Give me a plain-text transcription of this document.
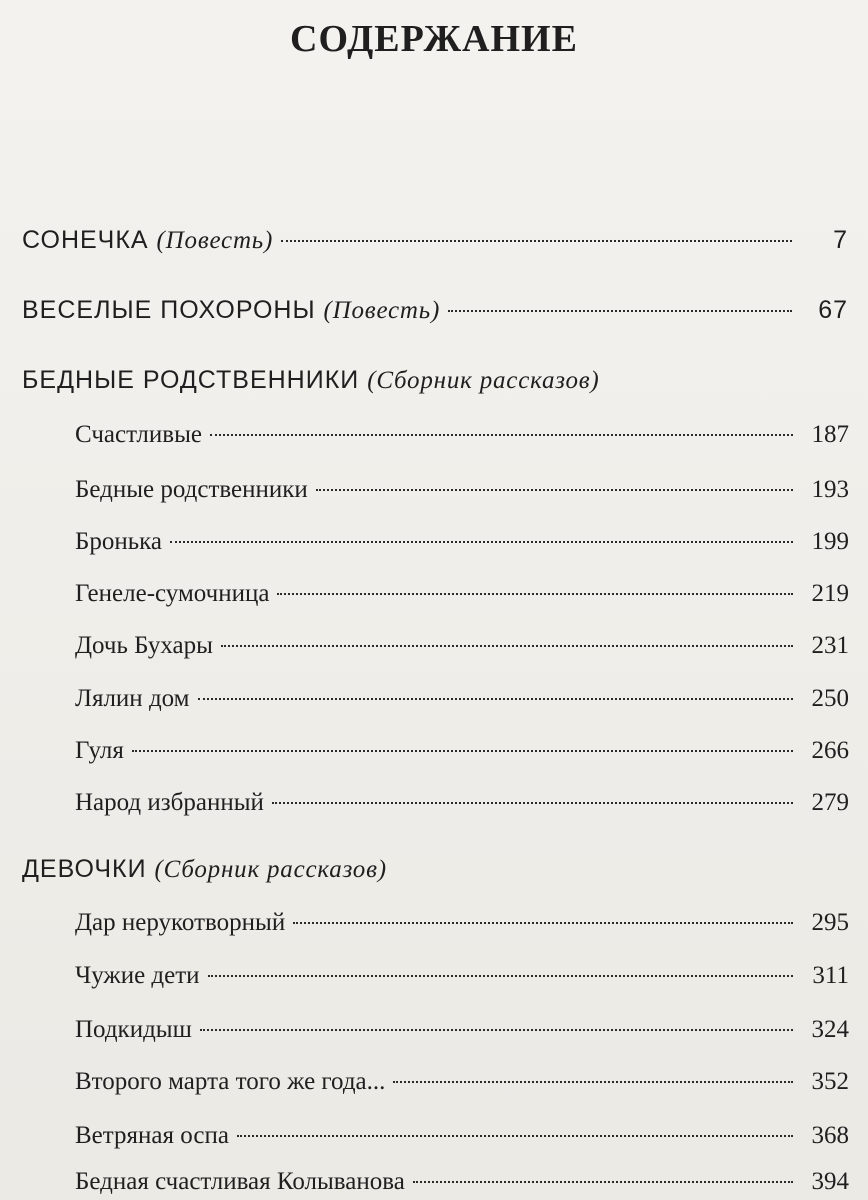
СОДЕРЖАНИЕ
СОНЕЧКА (Повесть)	7
ВЕСЕЛЫЕ ПОХОРОНЫ (Повесть)	67
БЕДНЫЕ РОДСТВЕННИКИ (Сборник рассказов)
Счастливые	187
Бедные родственники	193
Бронька	199
Генеле-сумочница	219
Дочь Бухары	231
Лялин дом	250
Гуля	266
Народ избранный	279
ДЕВОЧКИ (Сборник рассказов)
Дар нерукотворный	295
Чужие дети	311
Подкидыш	324
Второго марта того же года...	352
Ветряная оспа	368
Бедная счастливая Колыванова	394
